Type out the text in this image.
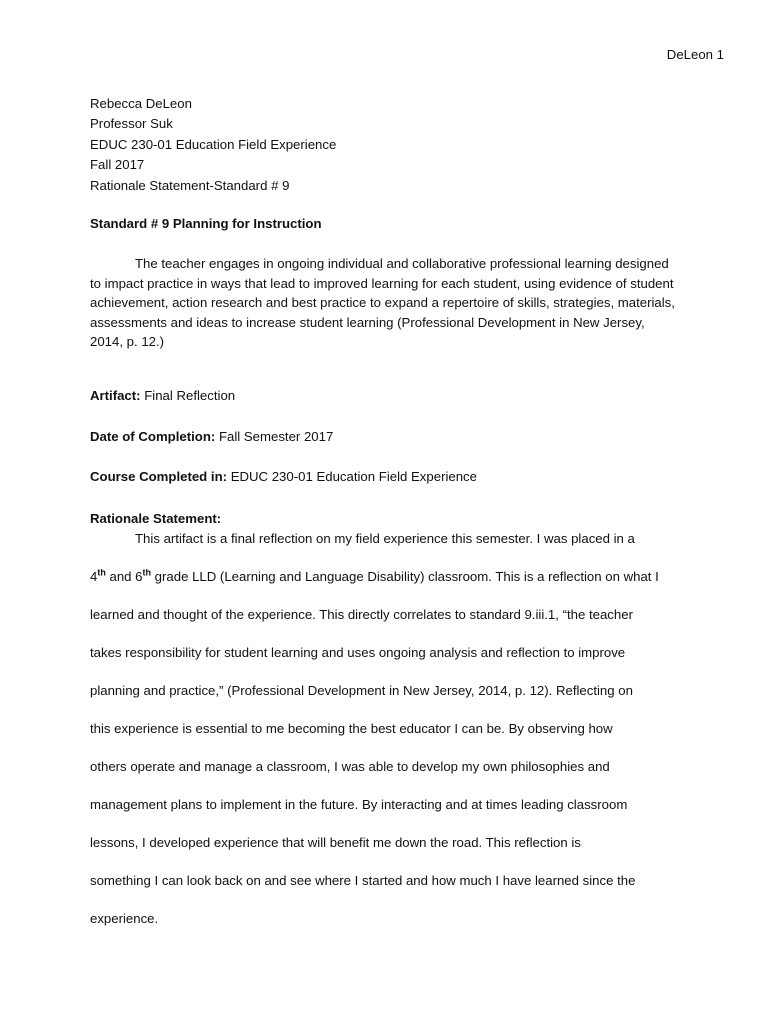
DeLeon 1
Rebecca DeLeon
Professor Suk
EDUC 230-01 Education Field Experience
Fall 2017
Rationale Statement-Standard # 9
Standard # 9 Planning for Instruction
The teacher engages in ongoing individual and collaborative professional learning designed to impact practice in ways that lead to improved learning for each student, using evidence of student achievement, action research and best practice to expand a repertoire of skills, strategies, materials, assessments and ideas to increase student learning (Professional Development in New Jersey, 2014, p. 12.)
Artifact: Final Reflection
Date of Completion: Fall Semester 2017
Course Completed in: EDUC 230-01 Education Field Experience
Rationale Statement:
This artifact is a final reflection on my field experience this semester. I was placed in a
4th and 6th grade LLD (Learning and Language Disability) classroom. This is a reflection on what I
learned and thought of the experience. This directly correlates to standard 9.iii.1, “the teacher
takes responsibility for student learning and uses ongoing analysis and reflection to improve
planning and practice,” (Professional Development in New Jersey, 2014, p. 12). Reflecting on
this experience is essential to me becoming the best educator I can be. By observing how
others operate and manage a classroom, I was able to develop my own philosophies and
management plans to implement in the future. By interacting and at times leading classroom
lessons, I developed experience that will benefit me down the road. This reflection is
something I can look back on and see where I started and how much I have learned since the
experience.
